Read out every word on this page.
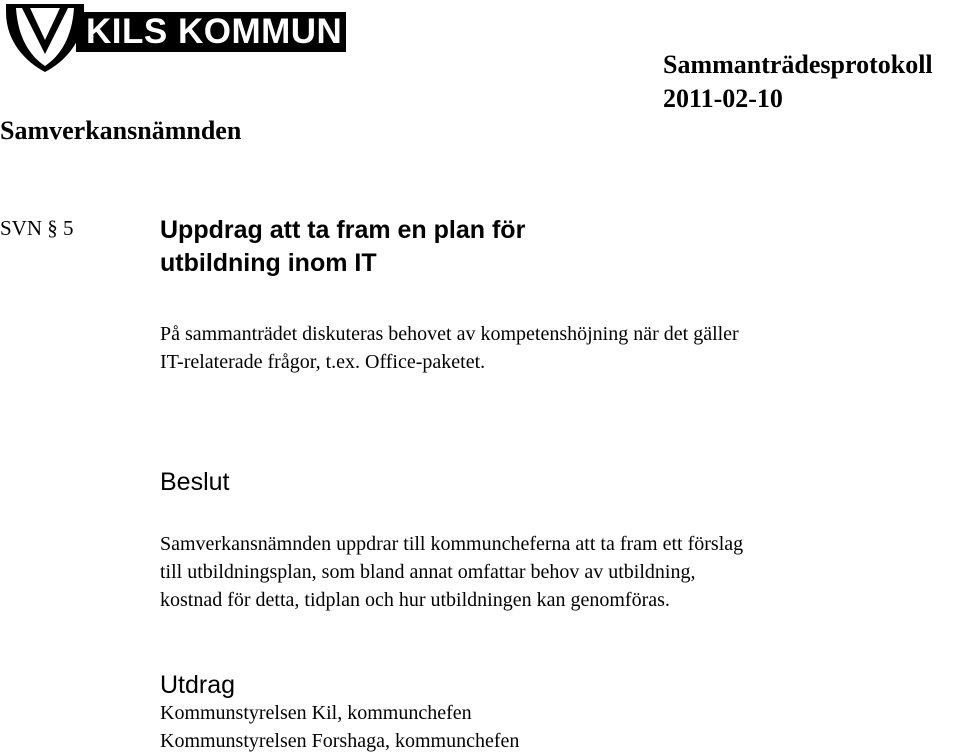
KILS KOMMUN
Sammanträdesprotokoll
2011-02-10
Samverkansnämnden
SVN § 5	Uppdrag att ta fram en plan för
utbildning inom IT
På sammanträdet diskuteras behovet av kompetenshöjning när det gäller
IT-relaterade frågor, t.ex. Office-paketet.
Beslut
Samverkansnämnden uppdrar till kommuncheferna att ta fram ett förslag
till utbildningsplan, som bland annat omfattar behov av utbildning,
kostnad för detta, tidplan och hur utbildningen kan genomföras.
Utdrag
Kommunstyrelsen Kil, kommunchefen
Kommunstyrelsen Forshaga, kommunchefen
